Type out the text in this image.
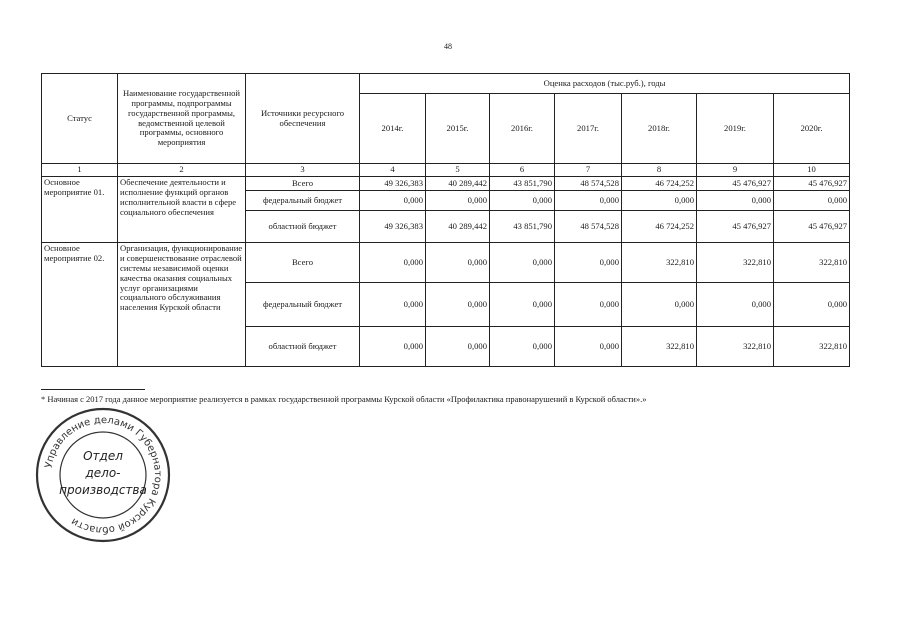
48
Статус	Наименование государственной программы, подпрограммы государственной программы, ведомственной целевой программы, основного мероприятия	Источники ресурсного обеспечения	Оценка расходов (тыс.руб.), годы						
			2014г.	2015г.	2016г.	2017г.	2018г.	2019г.	2020г.
1	2	3	4	5	6	7	8	9	10
Основное мероприятие 01.	Обеспечение деятельности и исполнение функций органов исполнительной власти в сфере социального обеспечения	Всего	49 326,383	40 289,442	43 851,790	48 574,528	46 724,252	45 476,927	45 476,927
		федеральный бюджет	0,000	0,000	0,000	0,000	0,000	0,000	0,000
		областной бюджет	49 326,383	40 289,442	43 851,790	48 574,528	46 724,252	45 476,927	45 476,927
Основное мероприятие 02.	Организация, функционирование и совершенствование отраслевой системы независимой оценки качества оказания социальных услуг организациями социального обслуживания населения Курской области	Всего	0,000	0,000	0,000	0,000	322,810	322,810	322,810
		федеральный бюджет	0,000	0,000	0,000	0,000	0,000	0,000	0,000
		областной бюджет	0,000	0,000	0,000	0,000	322,810	322,810	322,810
* Начиная с 2017 года данное мероприятие реализуется в рамках государственной программы Курской области «Профилактика правонарушений в Курской области».»
Управление делами Губернатора Курской области
Отдел
дело-
производства
